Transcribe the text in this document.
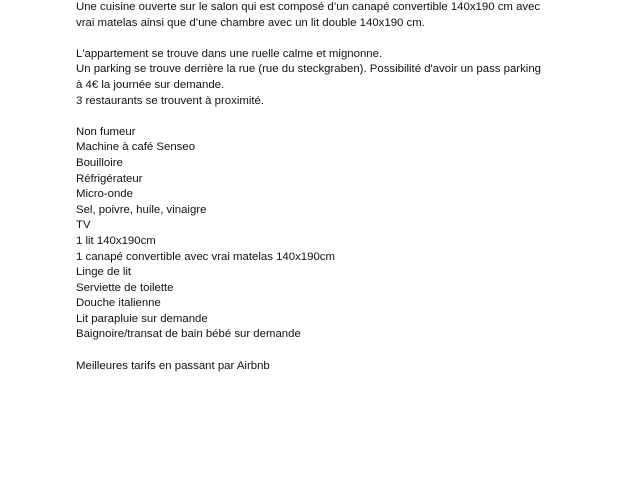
Une cuisine ouverte sur le salon qui est composé d’un canapé convertible 140x190 cm avec
vrai matelas ainsi que d’une chambre avec un lit double 140x190 cm.

L'appartement se trouve dans une ruelle calme et mignonne.
Un parking se trouve derrière la rue (rue du steckgraben). Possibilité d'avoir un pass parking
à 4€ la journée sur demande.
3 restaurants se trouvent à proximité.

Non fumeur
Machine à café Senseo
Bouilloire
Réfrigérateur
Micro-onde
Sel, poivre, huile, vinaigre
TV
1 lit 140x190cm
1 canapé convertible avec vrai matelas 140x190cm
Linge de lit
Serviette de toilette
Douche italienne
Lit parapluie sur demande
Baignoire/transat de bain bébé sur demande

Meilleures tarifs en passant par Airbnb
